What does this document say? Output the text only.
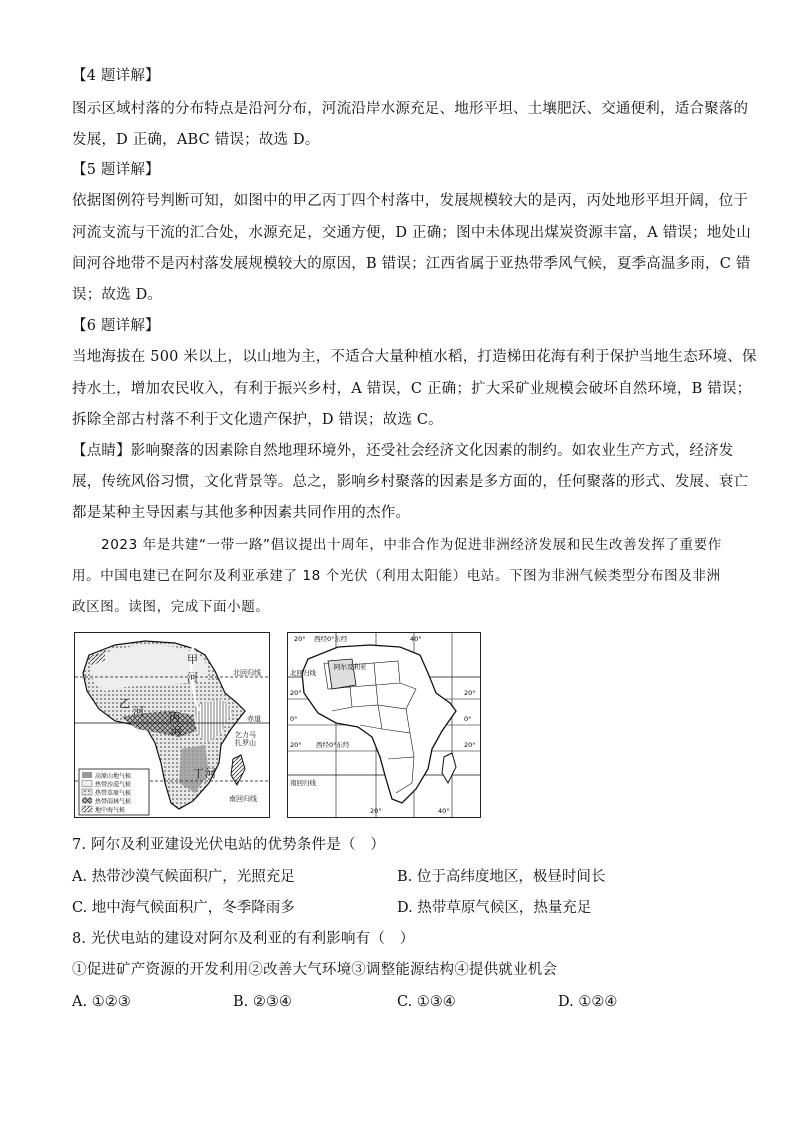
【4 题详解】
图示区域村落的分布特点是沿河分布，河流沿岸水源充足、地形平坦、土壤肥沃、交通便利，适合聚落的
发展，D 正确，ABC 错误；故选 D。
【5 题详解】
依据图例符号判断可知，如图中的甲乙丙丁四个村落中，发展规模较大的是丙，丙处地形平坦开阔，位于
河流支流与干流的汇合处，水源充足，交通方便，D 正确；图中未体现出煤炭资源丰富，A 错误；地处山
间河谷地带不是丙村落发展规模较大的原因，B 错误；江西省属于亚热带季风气候，夏季高温多雨，C 错
误；故选 D。
【6 题详解】
当地海拔在 500 米以上，以山地为主，不适合大量种植水稻，打造梯田花海有利于保护当地生态环境、保
持水土，增加农民收入，有利于振兴乡村，A 错误，C 正确；扩大采矿业规模会破坏自然环境，B 错误；
拆除全部古村落不利于文化遗产保护，D 错误；故选 C。
【点睛】影响聚落的因素除自然地理环境外，还受社会经济文化因素的制约。如农业生产方式，经济发
展，传统风俗习惯，文化背景等。总之，影响乡村聚落的因素是多方面的，任何聚落的形式、发展、衰亡
都是某种主导因素与其他多种因素共同作用的杰作。
2023 年是共建“一带一路”倡议提出十周年，中非合作为促进非洲经济发展和民生改善发挥了重要作
用。中国电建已在阿尔及利亚承建了 18 个光伏（利用太阳能）电站。下图为非洲气候类型分布图及非洲
政区图。读图，完成下面小题。
甲
河
乙
河 丙
河
丁 河
北回归线
赤道
乞力马
扎罗山
南回归线
高原山地气候
热带沙漠气候
热带草原气候
热带雨林气候
地中海气候
西经0°东经
20°	40°
北回归线
阿尔及利亚
20°
0°
20° 西经0°东经
20°
0°
20°
南回归线
20°	40°
7. 阿尔及利亚建设光伏电站的优势条件是（　）
A. 热带沙漠气候面积广，光照充足	B. 位于高纬度地区，极昼时间长
C. 地中海气候面积广，冬季降雨多	D. 热带草原气候区，热量充足
8. 光伏电站的建设对阿尔及利亚的有利影响有（　）
①促进矿产资源的开发利用②改善大气环境③调整能源结构④提供就业机会
A. ①②③	B. ②③④	C. ①③④	D. ①②④
